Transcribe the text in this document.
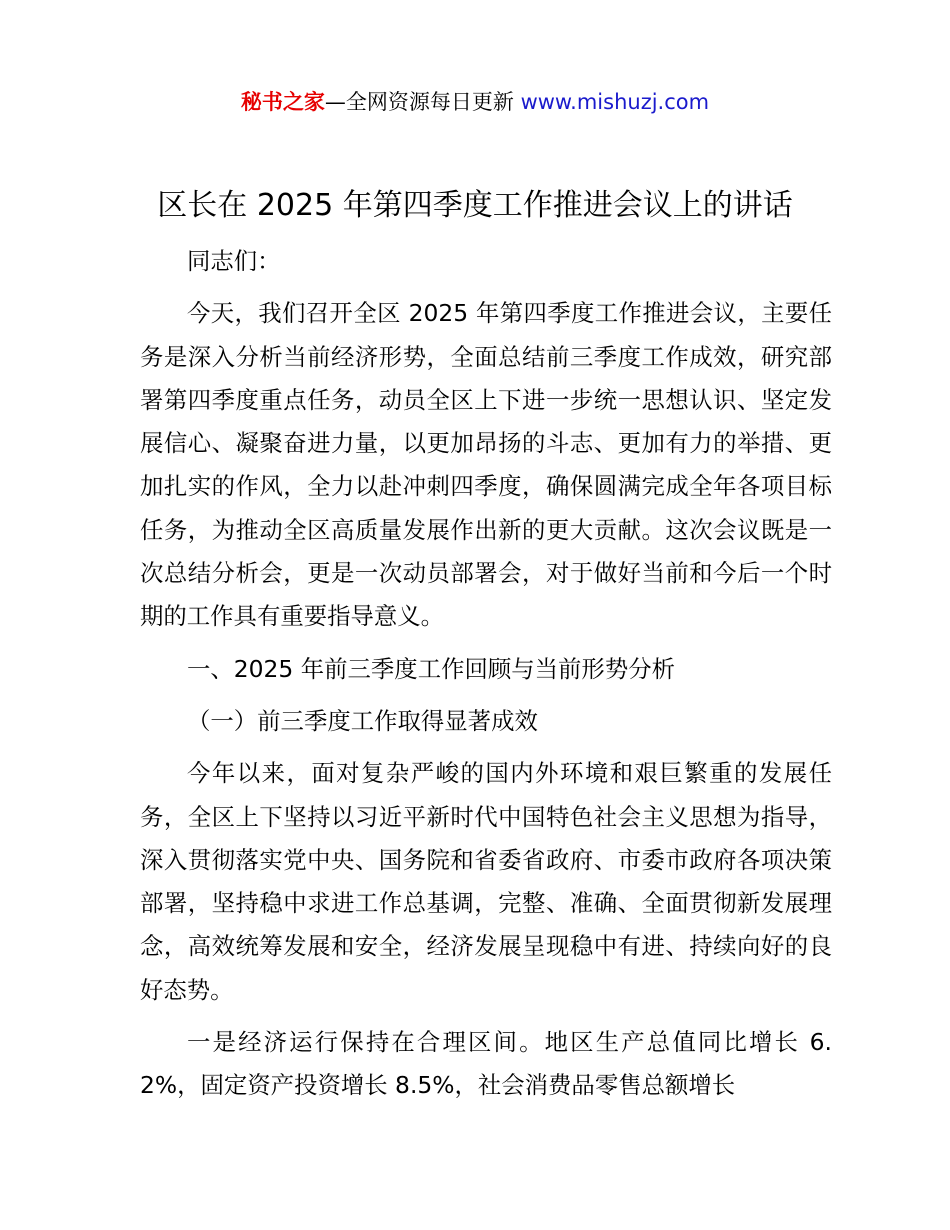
秘书之家—全网资源每日更新 www.mishuzj.com
区长在 2025 年第四季度工作推进会议上的讲话

同志们：

今天，我们召开全区 2025 年第四季度工作推进会议，主要任务是深入分析当前经济形势，全面总结前三季度工作成效，研究部署第四季度重点任务，动员全区上下进一步统一思想认识、坚定发展信心、凝聚奋进力量，以更加昂扬的斗志、更加有力的举措、更加扎实的作风，全力以赴冲刺四季度，确保圆满完成全年各项目标任务，为推动全区高质量发展作出新的更大贡献。这次会议既是一次总结分析会，更是一次动员部署会，对于做好当前和今后一个时期的工作具有重要指导意义。

一、2025 年前三季度工作回顾与当前形势分析

（一）前三季度工作取得显著成效

今年以来，面对复杂严峻的国内外环境和艰巨繁重的发展任务，全区上下坚持以习近平新时代中国特色社会主义思想为指导，深入贯彻落实党中央、国务院和省委省政府、市委市政府各项决策部署，坚持稳中求进工作总基调，完整、准确、全面贯彻新发展理念，高效统筹发展和安全，经济发展呈现稳中有进、持续向好的良好态势。

一是经济运行保持在合理区间。地区生产总值同比增长 6.2%，固定资产投资增长 8.5%，社会消费品零售总额增长
